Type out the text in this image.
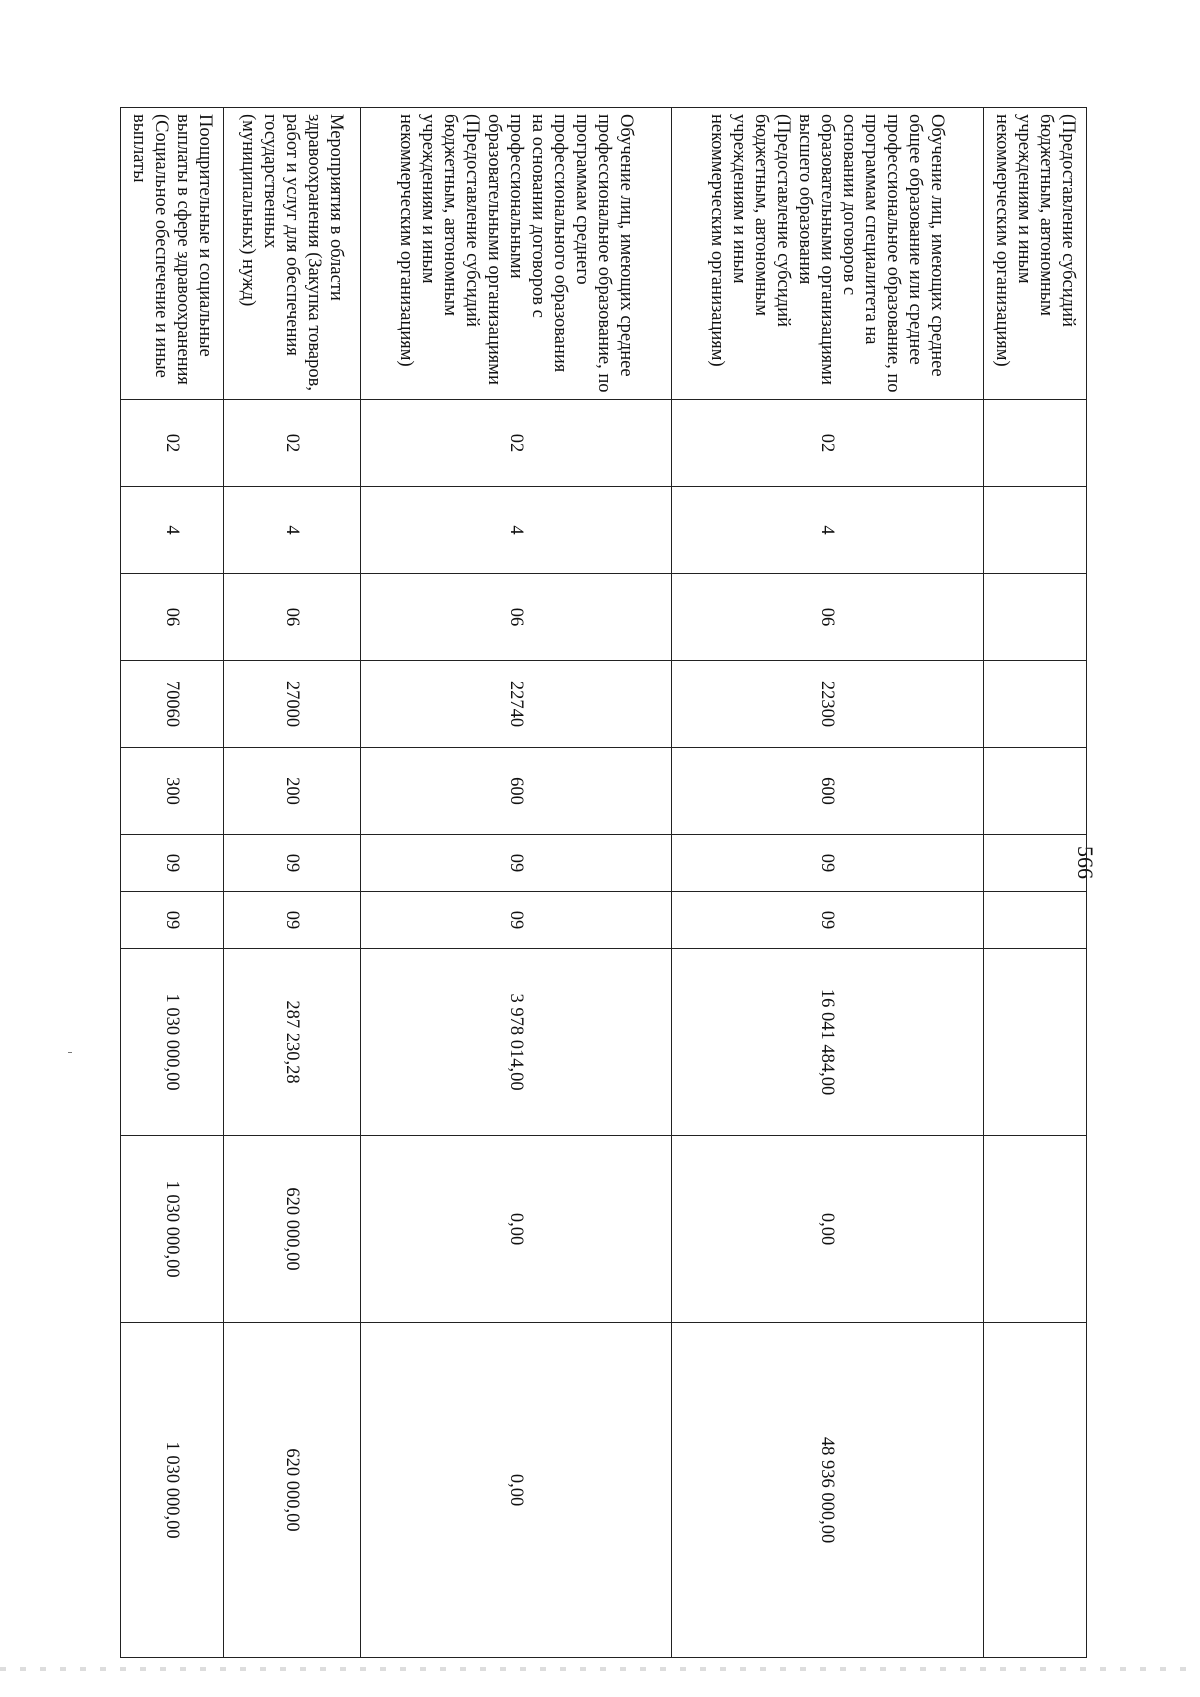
566
(Предоставление субсидий бюджетным, автономным учреждениям и иным некоммерческим организациям)										
Обучение лиц, имеющих среднее общее образование или среднее профессиональное образование, по программам специалитета на основании договоров с образовательными организациями высшего образования (Предоставление субсидий бюджетным, автономным учреждениям и иным некоммерческим организациям)	02	4	06	22300	600	09	09	16 041 484,00	0,00	48 936 000,00
Обучение лиц, имеющих среднее профессиональное образование, по программам среднего профессионального образования на основании договоров с профессиональными образовательными организациями (Предоставление субсидий бюджетным, автономным учреждениям и иным некоммерческим организациям)	02	4	06	22740	600	09	09	3 978 014,00	0,00	0,00
Мероприятия в области здравоохранения (Закупка товаров, работ и услуг для обеспечения государственных (муниципальных) нужд)	02	4	06	27000	200	09	09	287 230,28	620 000,00	620 000,00
Поощрительные и социальные выплаты в сфере здравоохранения (Социальное обеспечение и иные выплаты	02	4	06	70060	300	09	09	1 030 000,00	1 030 000,00	1 030 000,00
